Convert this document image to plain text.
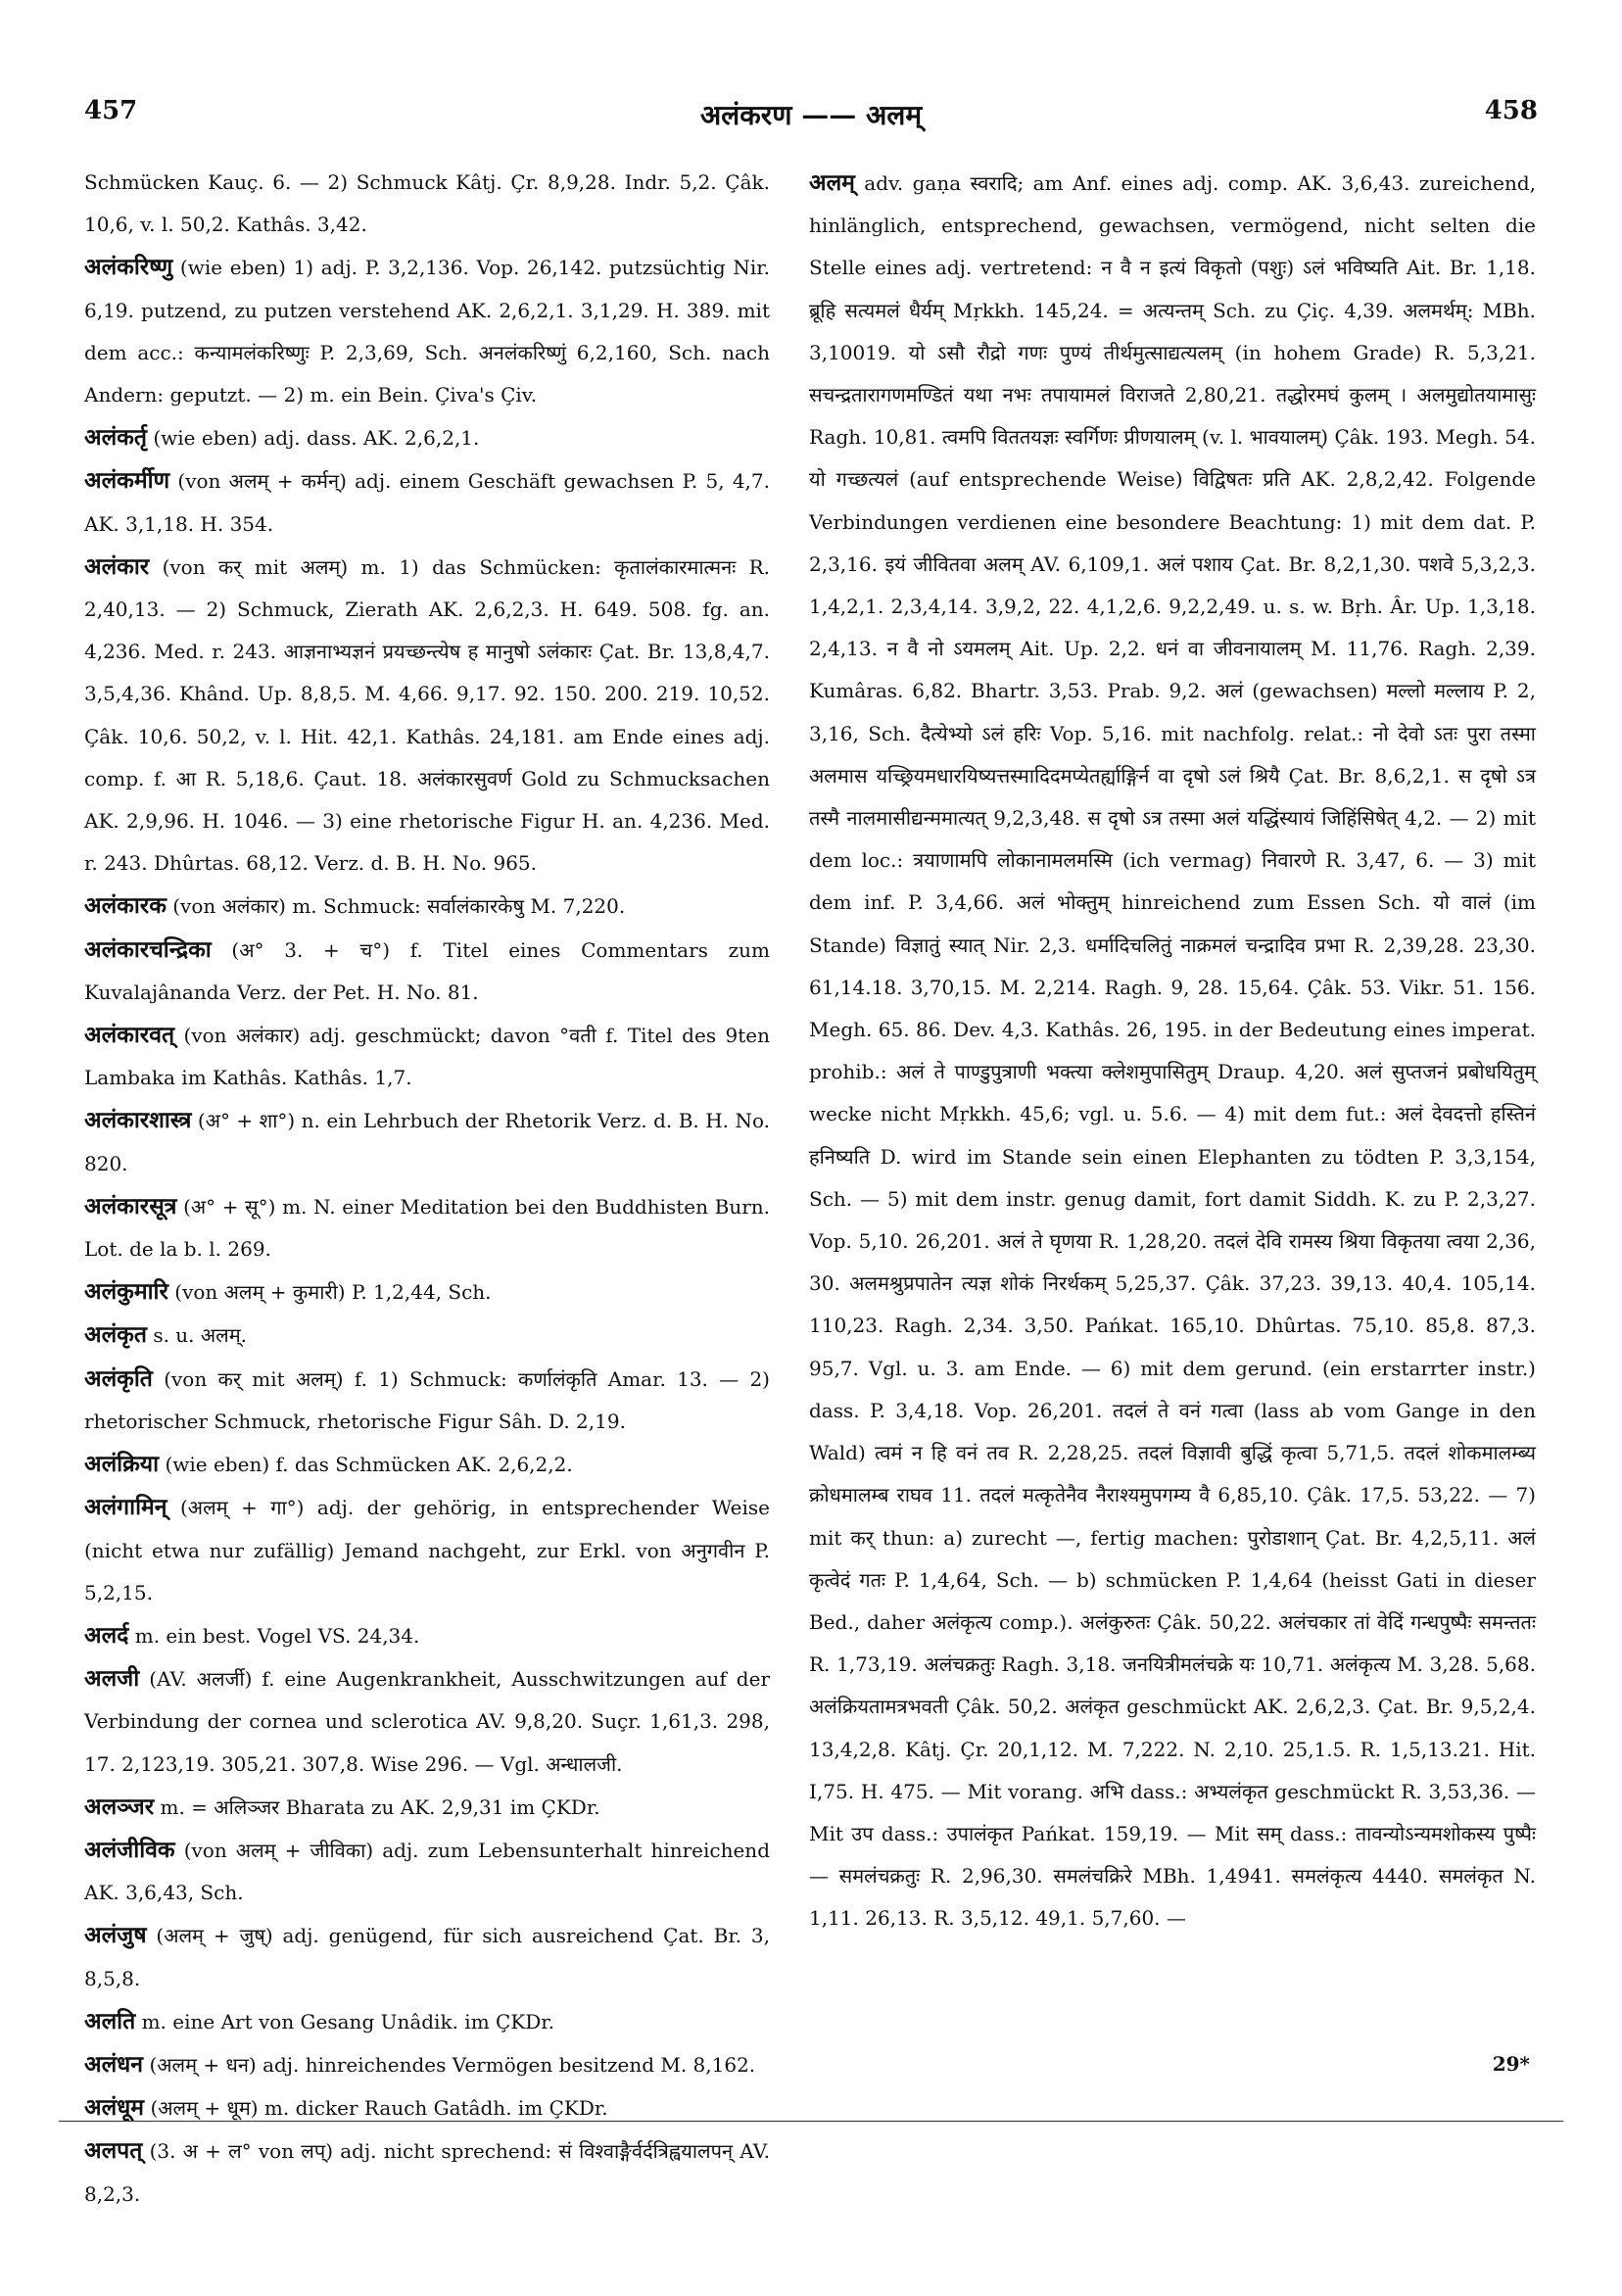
457	अलंकरण —— अलम्	458

Schmücken Kauç. 6. — 2) Schmuck Kâtj. Çr. 8,9,28. Indr. 5,2. Çâk. 10,6, v. l. 50,2. Kathâs. 3,42.

अलंकरिष्णु (wie eben) 1) adj. P. 3,2,136. Vop. 26,142. putzsüchtig Nir. 6,19. putzend, zu putzen verstehend AK. 2,6,2,1. 3,1,29. H. 389. mit dem acc.: कन्यामलंकरिष्णुः P. 2,3,69, Sch. अनलंकरिष्णुं 6,2,160, Sch. nach Andern: geputzt. — 2) m. ein Bein. Çiva's Çiv.

अलंकर्तृ (wie eben) adj. dass. AK. 2,6,2,1.

अलंकर्मीण (von अलम् + कर्मन्) adj. einem Geschäft gewachsen P. 5, 4,7. AK. 3,1,18. H. 354.

अलंकार (von कर् mit अलम्) m. 1) das Schmücken: कृतालंकारमात्मनः R. 2,40,13. — 2) Schmuck, Zierath AK. 2,6,2,3. H. 649. 508. fg. an. 4,236. Med. r. 243. आज्ञनाभ्यज्ञनं प्रयच्छन्त्येष ह मानुषो ऽलंकारः Çat. Br. 13,8,4,7. 3,5,4,36. Khând. Up. 8,8,5. M. 4,66. 9,17. 92. 150. 200. 219. 10,52. Çâk. 10,6. 50,2, v. l. Hit. 42,1. Kathâs. 24,181. am Ende eines adj. comp. f. आ R. 5,18,6. Çaut. 18. अलंकारसुवर्ण Gold zu Schmucksachen AK. 2,9,96. H. 1046. — 3) eine rhetorische Figur H. an. 4,236. Med. r. 243. Dhûrtas. 68,12. Verz. d. B. H. No. 965.

अलंकारक (von अलंकार) m. Schmuck: सर्वालंकारकेषु M. 7,220.

अलंकारचन्द्रिका (अ° 3. + च°) f. Titel eines Commentars zum Kuvalajânanda Verz. der Pet. H. No. 81.

अलंकारवत् (von अलंकार) adj. geschmückt; davon °वती f. Titel des 9ten Lambaka im Kathâs. Kathâs. 1,7.

अलंकारशास्त्र (अ° + शा°) n. ein Lehrbuch der Rhetorik Verz. d. B. H. No. 820.

अलंकारसूत्र (अ° + सू°) m. N. einer Meditation bei den Buddhisten Burn. Lot. de la b. l. 269.

अलंकुमारि (von अलम् + कुमारी) P. 1,2,44, Sch.

अलंकृत s. u. अलम्.

अलंकृति (von कर् mit अलम्) f. 1) Schmuck: कर्णालंकृति Amar. 13. — 2) rhetorischer Schmuck, rhetorische Figur Sâh. D. 2,19.

अलंक्रिया (wie eben) f. das Schmücken AK. 2,6,2,2.

अलंगामिन् (अलम् + गा°) adj. der gehörig, in entsprechender Weise (nicht etwa nur zufällig) Jemand nachgeht, zur Erkl. von अनुगवीन P. 5,2,15.

अलर्द m. ein best. Vogel VS. 24,34.

अलजी (AV. अलर्जी) f. eine Augenkrankheit, Ausschwitzungen auf der Verbindung der cornea und sclerotica AV. 9,8,20. Suçr. 1,61,3. 298, 17. 2,123,19. 305,21. 307,8. Wise 296. — Vgl. अन्धालजी.

अलञ्जर m. = अलिञ्जर Bharata zu AK. 2,9,31 im ÇKDr.

अलंजीविक (von अलम् + जीविका) adj. zum Lebensunterhalt hinreichend AK. 3,6,43, Sch.

अलंजुष (अलम् + जुष्) adj. genügend, für sich ausreichend Çat. Br. 3, 8,5,8.

अलति m. eine Art von Gesang Unâdik. im ÇKDr.

अलंधन (अलम् + धन) adj. hinreichendes Vermögen besitzend M. 8,162.

अलंधूम (अलम् + धूम) m. dicker Rauch Gatâdh. im ÇKDr.

अलपत् (3. अ + ल° von लप्) adj. nicht sprechend: सं विश्वाङ्गैर्वर्दत्रिह्वयालपन् AV. 8,2,3.

अलम् adv. gaṇa स्वरादि; am Anf. eines adj. comp. AK. 3,6,43. zureichend, hinlänglich, entsprechend, gewachsen, vermögend, nicht selten die Stelle eines adj. vertretend: न वै न इत्यं विकृतो (पशुः) ऽलं भविष्यति Ait. Br. 1,18. ब्रूहि सत्यमलं धैर्यम् Mṛkkh. 145,24. = अत्यन्तम् Sch. zu Çiç. 4,39. अलमर्थम्: MBh. 3,10019. यो ऽसौ रौद्रो गणः पुण्यं तीर्थमुत्साद्यत्यलम् (in hohem Grade) R. 5,3,21. सचन्द्रतारागणमण्डितं यथा नभः तपायामलं विराजते 2,80,21. तद्धोरमघं कुलम् । अलमुद्योतयामासुः Ragh. 10,81. त्वमपि विततयज्ञः स्वर्गिणः प्रीणयालम् (v. l. भावयालम्) Çâk. 193. Megh. 54. यो गच्छत्यलं (auf entsprechende Weise) विद्विषतः प्रति AK. 2,8,2,42. Folgende Verbindungen verdienen eine besondere Beachtung: 1) mit dem dat. P. 2,3,16. इयं जीवितवा अलम् AV. 6,109,1. अलं पशाय Çat. Br. 8,2,1,30. पशवे 5,3,2,3. 1,4,2,1. 2,3,4,14. 3,9,2, 22. 4,1,2,6. 9,2,2,49. u. s. w. Bṛh. Âr. Up. 1,3,18. 2,4,13. न वै नो ऽयमलम् Ait. Up. 2,2. धनं वा जीवनायालम् M. 11,76. Ragh. 2,39. Kumâras. 6,82. Bhartr. 3,53. Prab. 9,2. अलं (gewachsen) मल्लो मल्लाय P. 2, 3,16, Sch. दैत्येभ्यो ऽलं हरिः Vop. 5,16. mit nachfolg. relat.: नो देवो ऽतः पुरा तस्मा अलमास यच्छ्रियमधारयिष्यत्तस्मादिदमप्येतर्ह्याङ्गिर्न वा दृषो ऽलं श्रियै Çat. Br. 8,6,2,1. स दृषो ऽत्र तस्मै नालमासीद्यन्ममात्यत् 9,2,3,48. स दृषो ऽत्र तस्मा अलं यद्धिंस्यायं जिहिंसिषेत् 4,2. — 2) mit dem loc.: त्रयाणामपि लोकानामलमस्मि (ich vermag) निवारणे R. 3,47, 6. — 3) mit dem inf. P. 3,4,66. अलं भोक्तुम् hinreichend zum Essen Sch. यो वालं (im Stande) विज्ञातुं स्यात् Nir. 2,3. धर्मादिचलितुं नाक्रमलं चन्द्रादिव प्रभा R. 2,39,28. 23,30. 61,14.18. 3,70,15. M. 2,214. Ragh. 9, 28. 15,64. Çâk. 53. Vikr. 51. 156. Megh. 65. 86. Dev. 4,3. Kathâs. 26, 195. in der Bedeutung eines imperat. prohib.: अलं ते पाण्डुपुत्राणी भक्त्या क्लेशमुपासितुम् Draup. 4,20. अलं सुप्तजनं प्रबोधयितुम् wecke nicht Mṛkkh. 45,6; vgl. u. 5.6. — 4) mit dem fut.: अलं देवदत्तो हस्तिनं हनिष्यति D. wird im Stande sein einen Elephanten zu tödten P. 3,3,154, Sch. — 5) mit dem instr. genug damit, fort damit Siddh. K. zu P. 2,3,27. Vop. 5,10. 26,201. अलं ते घृणया R. 1,28,20. तदलं देवि रामस्य श्रिया विकृतया त्वया 2,36, 30. अलमश्रुप्रपातेन त्यज्ञ शोकं निरर्थकम् 5,25,37. Çâk. 37,23. 39,13. 40,4. 105,14. 110,23. Ragh. 2,34. 3,50. Pańkat. 165,10. Dhûrtas. 75,10. 85,8. 87,3. 95,7. Vgl. u. 3. am Ende. — 6) mit dem gerund. (ein erstarrter instr.) dass. P. 3,4,18. Vop. 26,201. तदलं ते वनं गत्वा (lass ab vom Gange in den Wald) त्वमं न हि वनं तव R. 2,28,25. तदलं विज्ञावी बुद्धिं कृत्वा 5,71,5. तदलं शोकमालम्ब्य क्रोधमालम्ब राघव 11. तदलं मत्कृतेनैव नैराश्यमुपगम्य वै 6,85,10. Çâk. 17,5. 53,22. — 7) mit कर् thun: a) zurecht —, fertig machen: पुरोडाशान् Çat. Br. 4,2,5,11. अलं कृत्वेदं गतः P. 1,4,64, Sch. — b) schmücken P. 1,4,64 (heisst Gati in dieser Bed., daher अलंकृत्य comp.). अलंकुरुतः Çâk. 50,22. अलंचकार तां वेदिं गन्धपुष्पैः समन्ततः R. 1,73,19. अलंचक्रतुः Ragh. 3,18. जनयित्रीमलंचक्रे यः 10,71. अलंकृत्य M. 3,28. 5,68. अलंक्रियतामत्रभवती Çâk. 50,2. अलंकृत geschmückt AK. 2,6,2,3. Çat. Br. 9,5,2,4. 13,4,2,8. Kâtj. Çr. 20,1,12. M. 7,222. N. 2,10. 25,1.5. R. 1,5,13.21. Hit. I,75. H. 475. — Mit vorang. अभि dass.: अभ्यलंकृत geschmückt R. 3,53,36. — Mit उप dass.: उपालंकृत Pańkat. 159,19. — Mit सम् dass.: तावन्योऽन्यमशोकस्य पुष्पैः — समलंचक्रतुः R. 2,96,30. समलंचक्रिरे MBh. 1,4941. समलंकृत्य 4440. समलंकृत N. 1,11. 26,13. R. 3,5,12. 49,1. 5,7,60. —

29*
